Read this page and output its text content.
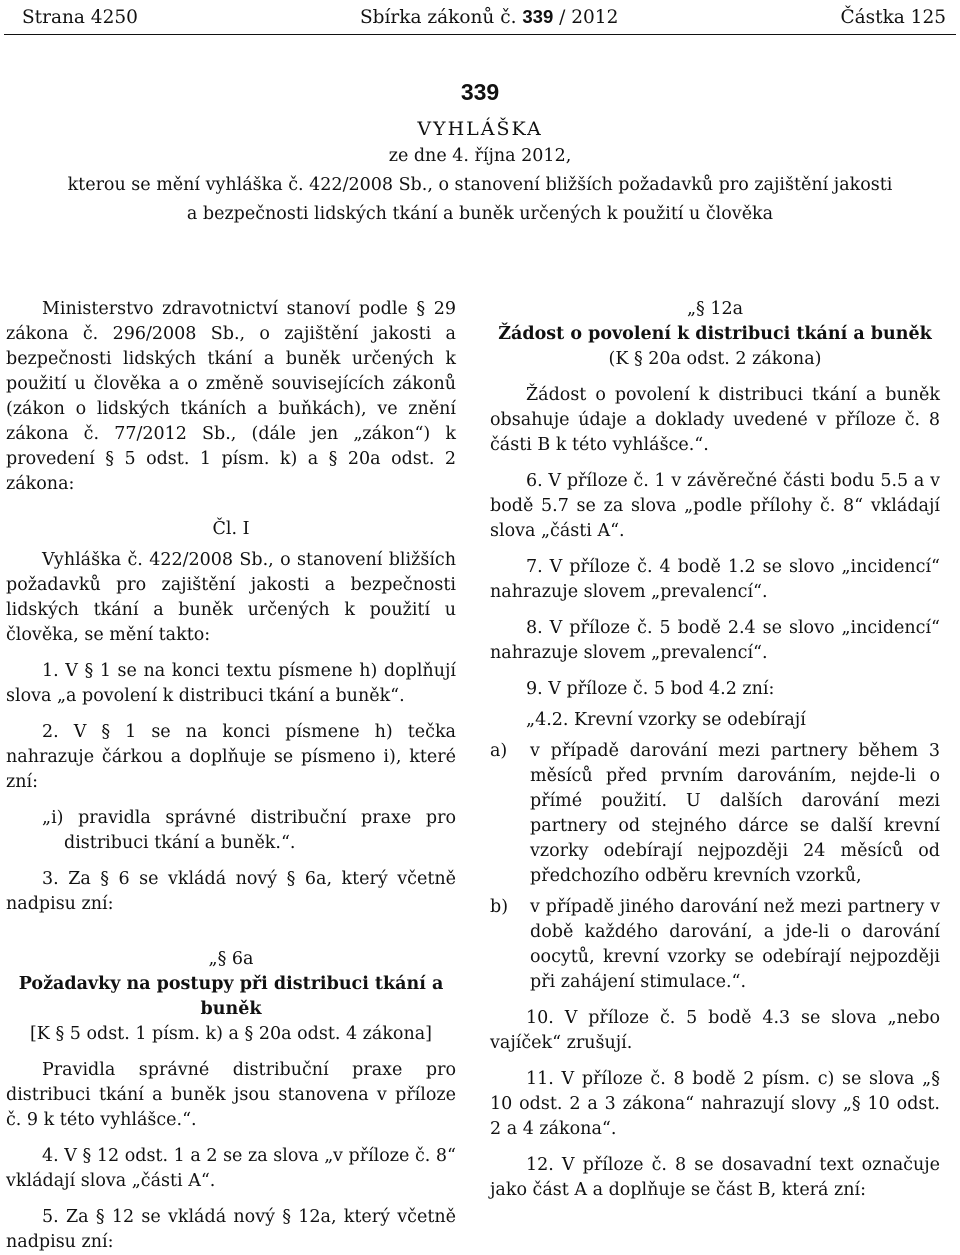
Strana 4250	Sbírka zákonů č. 339 / 2012	Částka 125
339
VYHLÁŠKA
ze dne 4. října 2012,
kterou se mění vyhláška č. 422/2008 Sb., o stanovení bližších požadavků pro zajištění jakosti
a bezpečnosti lidských tkání a buněk určených k použití u člověka

Ministerstvo zdravotnictví stanoví podle § 29 zákona č. 296/2008 Sb., o zajištění jakosti a bezpečnosti lidských tkání a buněk určených k použití u člověka a o změně souvisejících zákonů (zákon o lidských tkáních a buňkách), ve znění zákona č. 77/2012 Sb., (dále jen „zákon“) k provedení § 5 odst. 1 písm. k) a § 20a odst. 2 zákona:

Čl. I

Vyhláška č. 422/2008 Sb., o stanovení bližších požadavků pro zajištění jakosti a bezpečnosti lidských tkání a buněk určených k použití u člověka, se mění takto:

1. V § 1 se na konci textu písmene h) doplňují slova „a povolení k distribuci tkání a buněk“.

2. V § 1 se na konci písmene h) tečka nahrazuje čárkou a doplňuje se písmeno i), které zní:

„i) pravidla správné distribuční praxe pro distribuci tkání a buněk.“.

3. Za § 6 se vkládá nový § 6a, který včetně nadpisu zní:

„§ 6a

Požadavky na postupy při distribuci tkání a buněk

[K § 5 odst. 1 písm. k) a § 20a odst. 4 zákona]

Pravidla správné distribuční praxe pro distribuci tkání a buněk jsou stanovena v příloze č. 9 k této vyhlášce.“.

4. V § 12 odst. 1 a 2 se za slova „v příloze č. 8“ vkládají slova „části A“.

5. Za § 12 se vkládá nový § 12a, který včetně nadpisu zní:

„§ 12a

Žádost o povolení k distribuci tkání a buněk

(K § 20a odst. 2 zákona)

Žádost o povolení k distribuci tkání a buněk obsahuje údaje a doklady uvedené v příloze č. 8 části B k této vyhlášce.“.

6. V příloze č. 1 v závěrečné části bodu 5.5 a v bodě 5.7 se za slova „podle přílohy č. 8“ vkládají slova „části A“.

7. V příloze č. 4 bodě 1.2 se slovo „incidencí“ nahrazuje slovem „prevalencí“.

8. V příloze č. 5 bodě 2.4 se slovo „incidencí“ nahrazuje slovem „prevalencí“.

9. V příloze č. 5 bod 4.2 zní:

„4.2. Krevní vzorky se odebírají

a)	v případě darování mezi partnery během 3 měsíců před prvním darováním, nejde-li o přímé použití. U dalších darování mezi partnery od stejného dárce se další krevní vzorky odebírají nejpozději 24 měsíců od předchozího odběru krevních vzorků,
b)	v případě jiného darování než mezi partnery v době každého darování, a jde-li o darování oocytů, krevní vzorky se odebírají nejpozději při zahájení stimulace.“.

10. V příloze č. 5 bodě 4.3 se slova „nebo vajíček“ zrušují.

11. V příloze č. 8 bodě 2 písm. c) se slova „§ 10 odst. 2 a 3 zákona“ nahrazují slovy „§ 10 odst. 2 a 4 zákona“.

12. V příloze č. 8 se dosavadní text označuje jako část A a doplňuje se část B, která zní:
